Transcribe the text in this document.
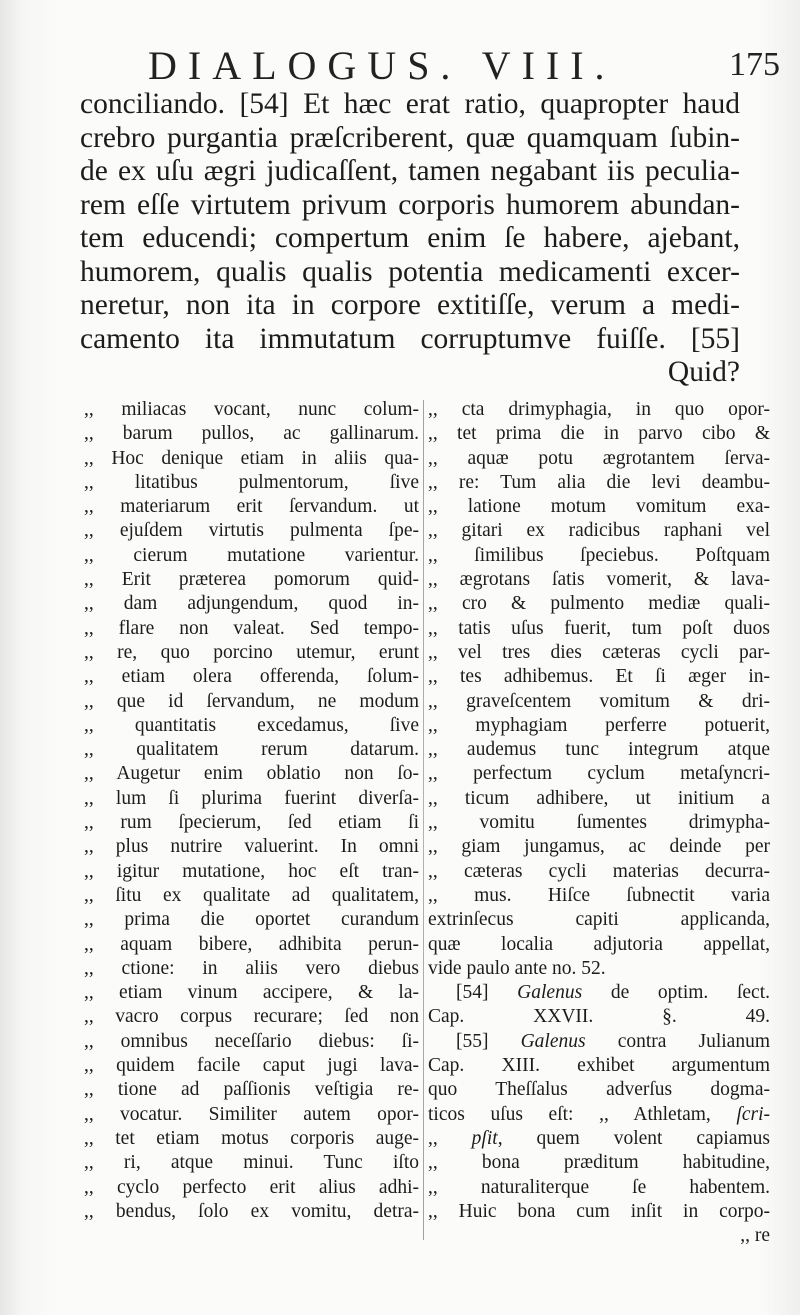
DIALOGUS. VIII.	175
conciliando. [54] Et hæc erat ratio, quapropter haud
crebro purgantia præſcriberent, quæ quamquam ſubin-
de ex uſu ægri judicaſſent, tamen negabant iis peculia-
rem eſſe virtutem privum corporis humorem abundan-
tem educendi; compertum enim ſe habere, ajebant,
humorem, qualis qualis potentia medicamenti excer-
neretur, non ita in corpore extitiſſe, verum a medi-
camento ita immutatum corruptumve fuiſſe. [55]
Quid?
,, miliacas vocant, nunc colum-
,, barum pullos, ac gallinarum.
,, Hoc denique etiam in aliis qua-
,, litatibus pulmentorum, ſive
,, materiarum erit ſervandum. ut
,, ejuſdem virtutis pulmenta ſpe-
,, cierum mutatione varientur.
,, Erit præterea pomorum quid-
,, dam adjungendum, quod in-
,, flare non valeat. Sed tempo-
,, re, quo porcino utemur, erunt
,, etiam olera offerenda, ſolum-
,, que id ſervandum, ne modum
,, quantitatis excedamus, ſive
,, qualitatem rerum datarum.
,, Augetur enim oblatio non ſo-
,, lum ſi plurima fuerint diverſa-
,, rum ſpecierum, ſed etiam ſi
,, plus nutrire valuerint. In omni
,, igitur mutatione, hoc eſt tran-
,, ſitu ex qualitate ad qualitatem,
,, prima die oportet curandum
,, aquam bibere, adhibita perun-
,, ctione: in aliis vero diebus
,, etiam vinum accipere, & la-
,, vacro corpus recurare; ſed non
,, omnibus neceſſario diebus: ſi-
,, quidem facile caput jugi lava-
,, tione ad paſſionis veſtigia re-
,, vocatur. Similiter autem opor-
,, tet etiam motus corporis auge-
,, ri, atque minui. Tunc iſto
,, cyclo perfecto erit alius adhi-
,, bendus, ſolo ex vomitu, detra-
,, cta drimyphagia, in quo opor-
,, tet prima die in parvo cibo &
,, aquæ potu ægrotantem ſerva-
,, re: Tum alia die levi deambu-
,, latione motum vomitum exa-
,, gitari ex radicibus raphani vel
,, ſimilibus ſpeciebus. Poſtquam
,, ægrotans ſatis vomerit, & lava-
,, cro & pulmento mediæ quali-
,, tatis uſus fuerit, tum poſt duos
,, vel tres dies cæteras cycli par-
,, tes adhibemus. Et ſi æger in-
,, graveſcentem vomitum & dri-
,, myphagiam perferre potuerit,
,, audemus tunc integrum atque
,, perfectum cyclum metaſyncri-
,, ticum adhibere, ut initium a
,, vomitu ſumentes drimypha-
,, giam jungamus, ac deinde per
,, cæteras cycli materias decurra-
,, mus. Hiſce ſubnectit varia
extrinſecus capiti applicanda,
quæ localia adjutoria appellat,
vide paulo ante no. 52.
[54] Galenus de optim. ſect.
Cap. XXVII. §. 49.
[55] Galenus contra Julianum
Cap. XIII. exhibet argumentum
quo Theſſalus adverſus dogma-
ticos uſus eſt: ,, Athletam, ſcri-
,, pſit, quem volent capiamus
,, bona præditum habitudine,
,, naturaliterque ſe habentem.
,, Huic bona cum inſit in corpo-
,, re
